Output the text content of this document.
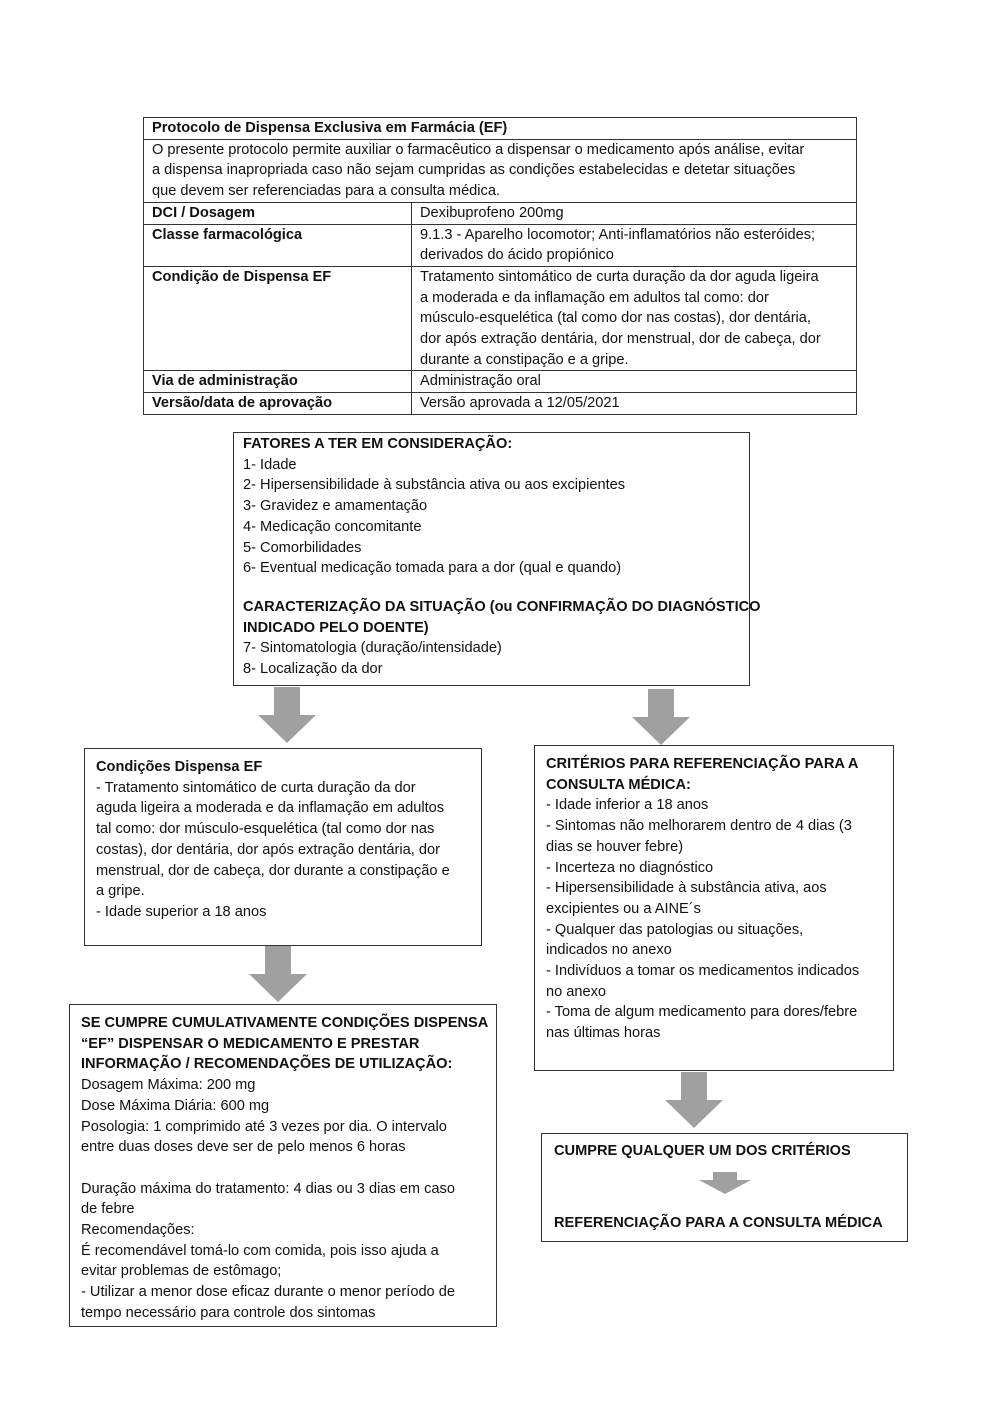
Protocolo de Dispensa Exclusiva em Farmácia (EF)	

O presente protocolo permite auxiliar o farmacêutico a dispensar o medicamento após análise, evitar
a dispensa inapropriada caso não sejam cumpridas as condições estabelecidas e detetar situações
que devem ser referenciadas para a consulta médica.	

DCI / Dosagem	Dexibuprofeno 200mg

Classe farmacológica	9.1.3 - Aparelho locomotor; Anti-inflamatórios não esteróides;
derivados do ácido propiónico

Condição de Dispensa EF	Tratamento sintomático de curta duração da dor aguda ligeira
a moderada e da inflamação em adultos tal como: dor
músculo-esquelética (tal como dor nas costas), dor dentária,
dor após extração dentária, dor menstrual, dor de cabeça, dor
durante a constipação e a gripe.

Via de administração	Administração oral

Versão/data de aprovação	Versão aprovada a 12/05/2021
FATORES A TER EM CONSIDERAÇÃO:
1- Idade
2- Hipersensibilidade à substância ativa ou aos excipientes
3- Gravidez e amamentação
4- Medicação concomitante
5- Comorbilidades
6- Eventual medicação tomada para a dor (qual e quando)
CARACTERIZAÇÃO DA SITUAÇÃO (ou CONFIRMAÇÃO DO DIAGNÓSTICO
INDICADO PELO DOENTE)
7- Sintomatologia (duração/intensidade)
8- Localização da dor
Condições Dispensa EF
- Tratamento sintomático de curta duração da dor
aguda ligeira a moderada e da inflamação em adultos
tal como: dor músculo-esquelética (tal como dor nas
costas), dor dentária, dor após extração dentária, dor
menstrual, dor de cabeça, dor durante a constipação e
a gripe.
- Idade superior a 18 anos
CRITÉRIOS PARA REFERENCIAÇÃO PARA A
CONSULTA MÉDICA:
- Idade inferior a 18 anos
- Sintomas não melhorarem dentro de 4 dias (3
dias se houver febre)
- Incerteza no diagnóstico
- Hipersensibilidade à substância ativa, aos
excipientes ou a AINE´s
- Qualquer das patologias ou situações,
indicados no anexo
- Indivíduos a tomar os medicamentos indicados
no anexo
- Toma de algum medicamento para dores/febre
nas últimas horas
SE CUMPRE CUMULATIVAMENTE CONDIÇÕES DISPENSA
“EF” DISPENSAR O MEDICAMENTO E PRESTAR
INFORMAÇÃO / RECOMENDAÇÕES DE UTILIZAÇÃO:
Dosagem Máxima: 200 mg
Dose Máxima Diária: 600 mg
Posologia: 1 comprimido até 3 vezes por dia. O intervalo
entre duas doses deve ser de pelo menos 6 horas
Duração máxima do tratamento: 4 dias ou 3 dias em caso
de febre
Recomendações:
É recomendável tomá-lo com comida, pois isso ajuda a
evitar problemas de estômago;
- Utilizar a menor dose eficaz durante o menor período de
tempo necessário para controle dos sintomas
CUMPRE QUALQUER UM DOS CRITÉRIOS
REFERENCIAÇÃO PARA A CONSULTA MÉDICA
